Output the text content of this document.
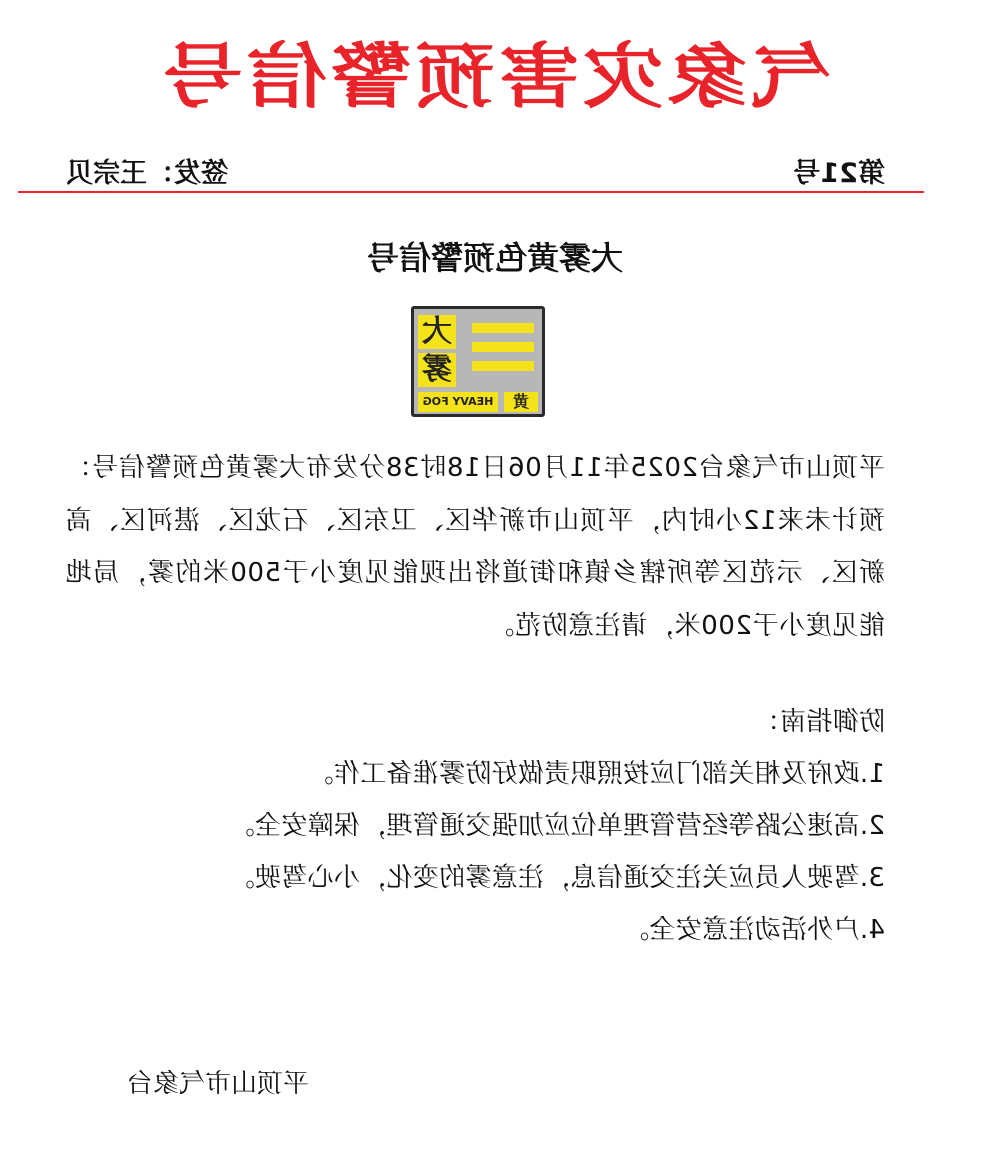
气象灾害预警信号
第21号
签发：王宗贝
大雾黄色预警信号
大
雾
HEAVY FOG	黄
平顶山市气象台2025年11月06日18时38分发布大雾黄色预警信号：预计未来12小时内，平顶山市新华区、卫东区、石龙区、湛河区、高新区、示范区等所辖乡镇和街道将出现能见度小于500米的雾，局地能见度小于200米，请注意防范。
防御指南：
1.政府及相关部门应按照职责做好防雾准备工作。
2.高速公路等经营管理单位应加强交通管理，保障安全。
3.驾驶人员应关注交通信息，注意雾的变化，小心驾驶。
4.户外活动注意安全。
平顶山市气象台
